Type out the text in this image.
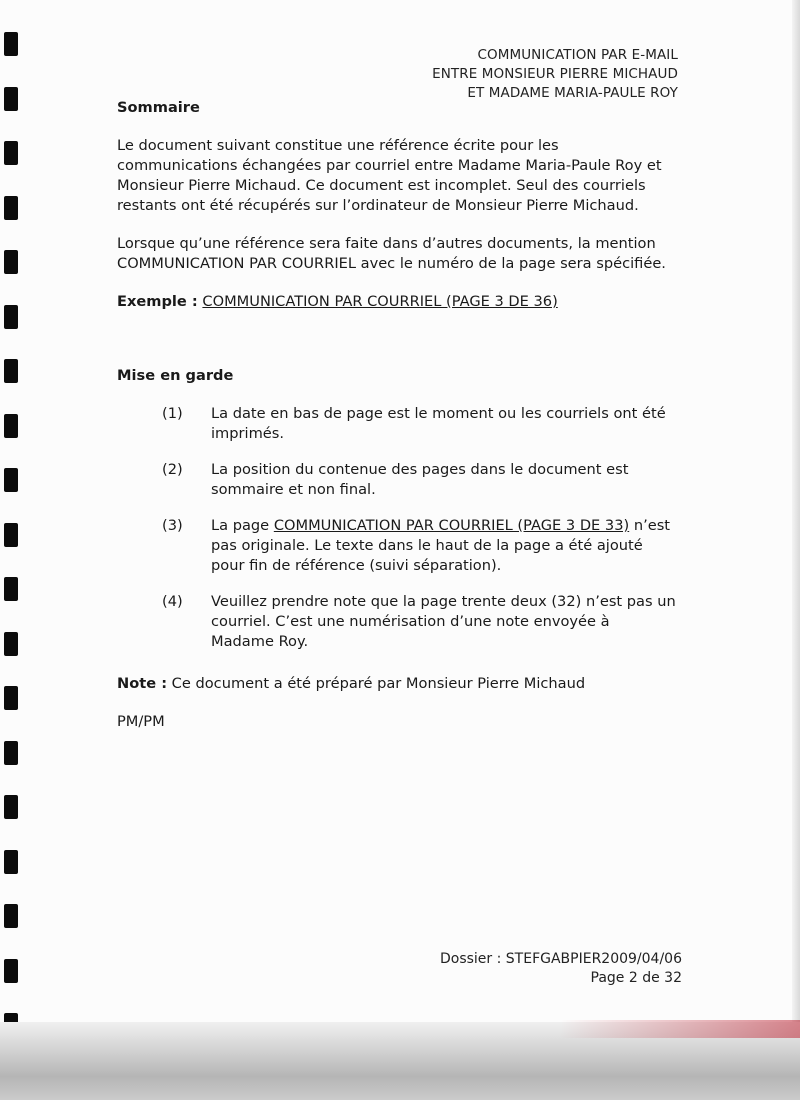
COMMUNICATION PAR E-MAIL
ENTRE MONSIEUR PIERRE MICHAUD
ET MADAME MARIA-PAULE ROY
Sommaire

Le document suivant constitue une référence écrite pour les communications échangées par courriel entre Madame Maria-Paule Roy et Monsieur Pierre Michaud. Ce document est incomplet. Seul des courriels restants ont été récupérés sur l’ordinateur de Monsieur Pierre Michaud.

Lorsque qu’une référence sera faite dans d’autres documents, la mention COMMUNICATION PAR COURRIEL avec le numéro de la page sera spécifiée.

Exemple : COMMUNICATION PAR COURRIEL (PAGE 3 DE 36)

Mise en garde
(1) La date en bas de page est le moment ou les courriels ont été imprimés.
(2) La position du contenue des pages dans le document est sommaire et non final.
(3) La page COMMUNICATION PAR COURRIEL (PAGE 3 DE 33) n’est pas originale. Le texte dans le haut de la page a été ajouté pour fin de référence (suivi séparation).
(4) Veuillez prendre note que la page trente deux (32) n’est pas un courriel. C’est une numérisation d’une note envoyée à Madame Roy.

Note : Ce document a été préparé par Monsieur Pierre Michaud

PM/PM

Dossier : STEFGABPIER2009/04/06
Page 2 de 32
